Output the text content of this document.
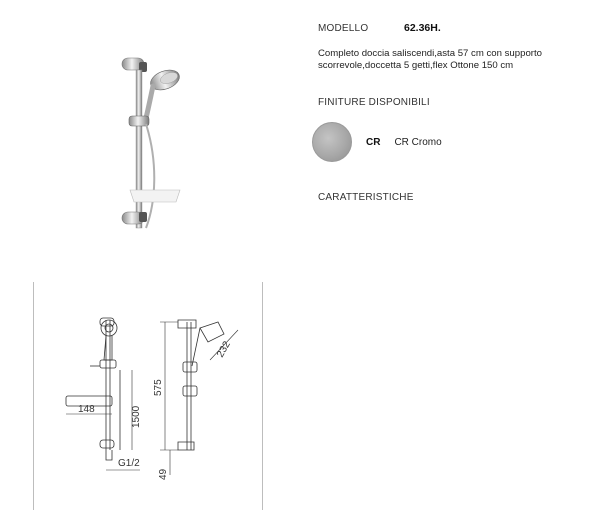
MODELLO	62.36H.
Completo doccia saliscendi,asta 57 cm con supporto scorrevole,doccetta 5 getti,flex Ottone 150 cm
FINITURE DISPONIBILI
CR CR Cromo
CARATTERISTICHE
148	1500
G1/2
575
232
49
